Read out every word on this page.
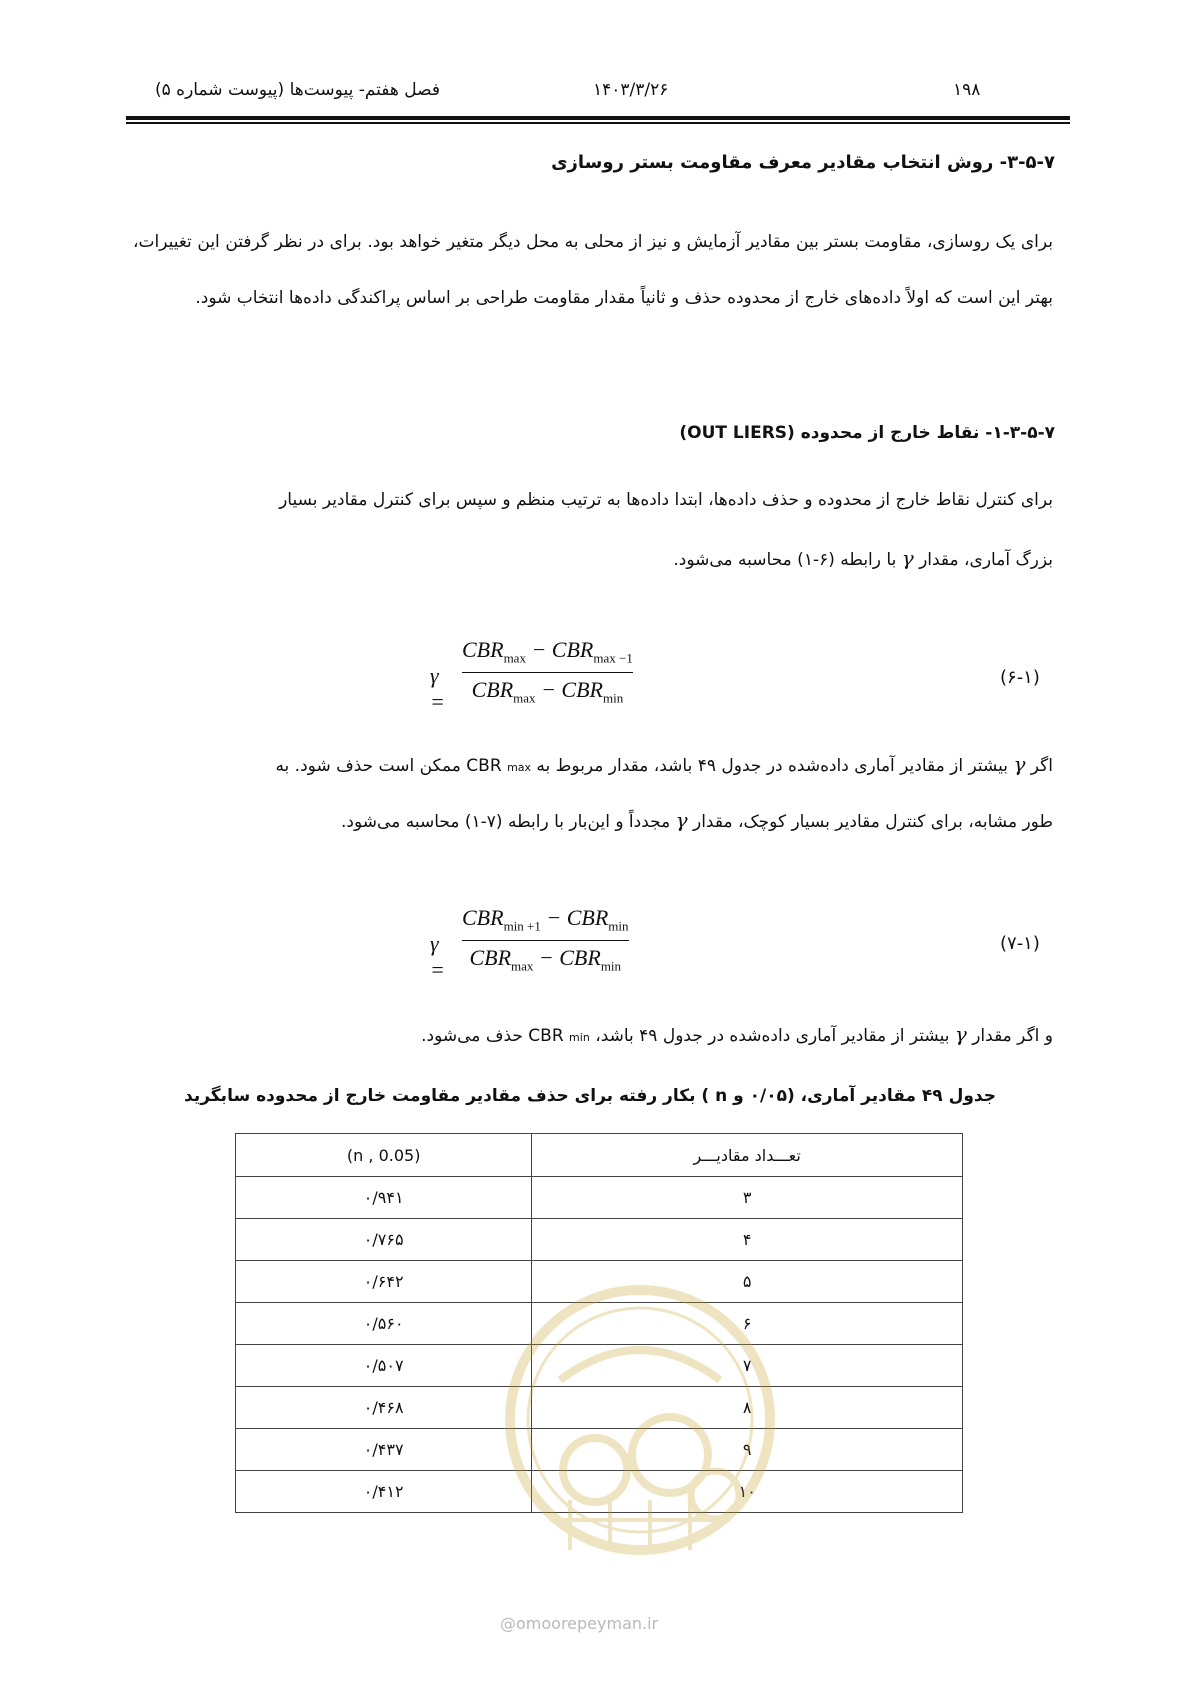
فصل هفتم- پیوست‌ها (پیوست شماره ۵)	۱۴۰۳/۳/۲۶	۱۹۸
۳-۵-۷- روش انتخاب مقادیر معرف مقاومت بستر روسازی

برای یک روسازی، مقاومت بستر بین مقادیر آزمایش و نیز از محلی به محل دیگر متغیر خواهد بود. برای در نظر گرفتن این تغییرات، بهتر این است که اولاً داده‌های خارج از محدوده حذف و ثانیاً مقدار مقاومت طراحی بر اساس پراکندگی داده‌ها انتخاب شود.

۱-۳-۵-۷- نقاط خارج از محدوده (OUT LIERS)
برای کنترل نقاط خارج از محدوده و حذف داده‌ها، ابتدا داده‌ها به ترتیب منظم و سپس برای کنترل مقادیر بسیار
بزرگ آماری، مقدار γ با رابطه (۶-۱) محاسبه می‌شود.
γ =
$CBR_{max} - CBR_{max -1}$
$CBR_{max} - CBR_{min}$
(۶-۱)
اگر γ بیشتر از مقادیر آماری داده‌شده در جدول ۴۹ باشد، مقدار مربوط به CBR max ممکن است حذف شود. به
طور مشابه، برای کنترل مقادیر بسیار کوچک، مقدار γ مجدداً و این‌بار با رابطه (۷-۱) محاسبه می‌شود.
γ =
$CBR_{min +1} - CBR_{min}$
$CBR_{max} - CBR_{min}$
(۷-۱)
و اگر مقدار γ بیشتر از مقادیر آماری داده‌شده در جدول ۴۹ باشد، CBR min حذف می‌شود.
جدول ۴۹ مقادیر آماری، (۰/۰۵ و n ) بکار رفته برای حذف مقادیر مقاومت خارج از محدوده سابگرید
تعـــداد مقادیـــر	(n , 0.05)
۳	۰/۹۴۱
۴	۰/۷۶۵
۵	۰/۶۴۲
۶	۰/۵۶۰
۷	۰/۵۰۷
۸	۰/۴۶۸
۹	۰/۴۳۷
۱۰	۰/۴۱۲
@omoorepeyman.ir
